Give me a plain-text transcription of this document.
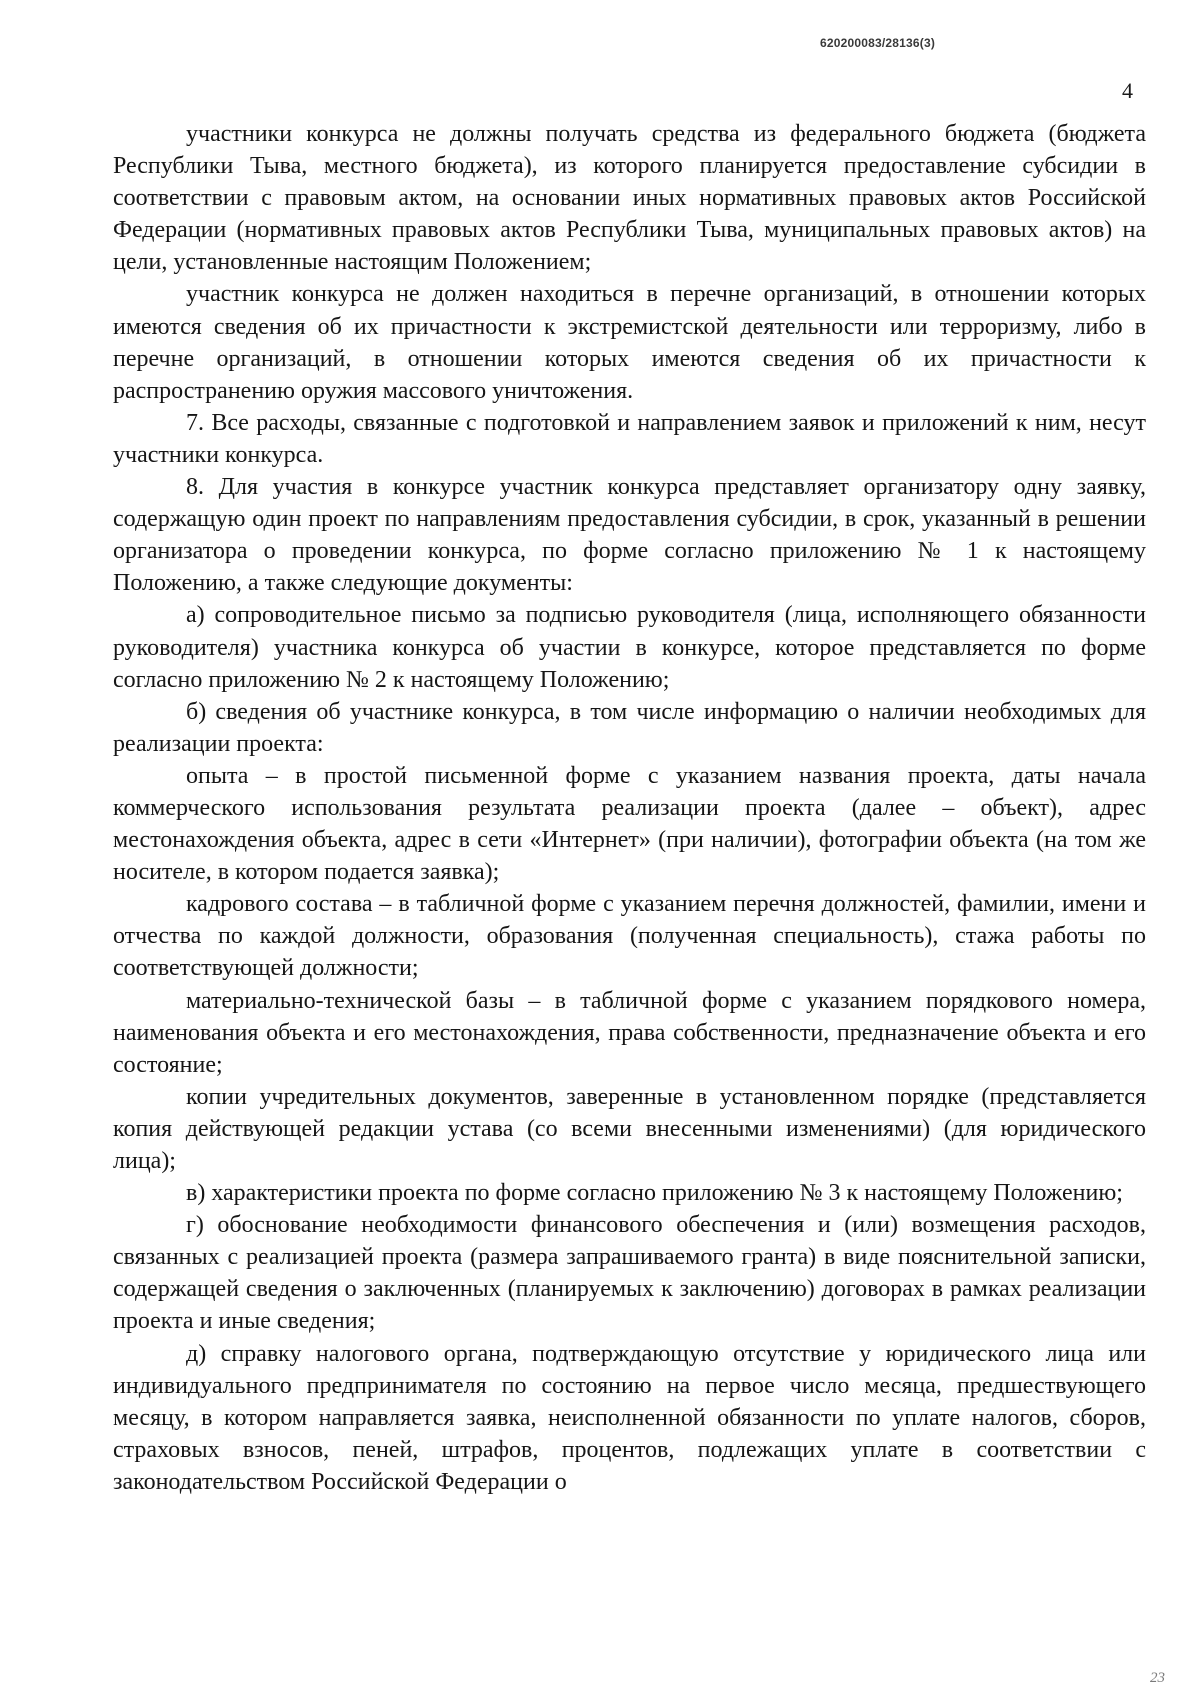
620200083/28136(3)
4

участники конкурса не должны получать средства из федерального бюджета (бюджета Республики Тыва, местного бюджета), из которого планируется предоставление субсидии в соответствии с правовым актом, на основании иных нормативных правовых актов Российской Федерации (нормативных правовых актов Республики Тыва, муниципальных правовых актов) на цели, установленные настоящим Положением;

участник конкурса не должен находиться в перечне организаций, в отношении которых имеются сведения об их причастности к экстремистской деятельности или терроризму, либо в перечне организаций, в отношении которых имеются сведения об их причастности к распространению оружия массового уничтожения.

7. Все расходы, связанные с подготовкой и направлением заявок и приложений к ним, несут участники конкурса.

8. Для участия в конкурсе участник конкурса представляет организатору одну заявку, содержащую один проект по направлениям предоставления субсидии, в срок, указанный в решении организатора о проведении конкурса, по форме согласно приложению № 1 к настоящему Положению, а также следующие документы:

а) сопроводительное письмо за подписью руководителя (лица, исполняющего обязанности руководителя) участника конкурса об участии в конкурсе, которое представляется по форме согласно приложению № 2 к настоящему Положению;

б) сведения об участнике конкурса, в том числе информацию о наличии необходимых для реализации проекта:

опыта – в простой письменной форме с указанием названия проекта, даты начала коммерческого использования результата реализации проекта (далее – объект), адрес местонахождения объекта, адрес в сети «Интернет» (при наличии), фотографии объекта (на том же носителе, в котором подается заявка);

кадрового состава – в табличной форме с указанием перечня должностей, фамилии, имени и отчества по каждой должности, образования (полученная специальность), стажа работы по соответствующей должности;

материально-технической базы – в табличной форме с указанием порядкового номера, наименования объекта и его местонахождения, права собственности, предназначение объекта и его состояние;

копии учредительных документов, заверенные в установленном порядке (представляется копия действующей редакции устава (со всеми внесенными изменениями) (для юридического лица);

в) характеристики проекта по форме согласно приложению № 3 к настоящему Положению;

г) обоснование необходимости финансового обеспечения и (или) возмещения расходов, связанных с реализацией проекта (размера запрашиваемого гранта) в виде пояснительной записки, содержащей сведения о заключенных (планируемых к заключению) договорах в рамках реализации проекта и иные сведения;

д) справку налогового органа, подтверждающую отсутствие у юридического лица или индивидуального предпринимателя по состоянию на первое число месяца, предшествующего месяцу, в котором направляется заявка, неисполненной обязанности по уплате налогов, сборов, страховых взносов, пеней, штрафов, процентов, подлежащих уплате в соответствии с законодательством Российской Федерации о

23
